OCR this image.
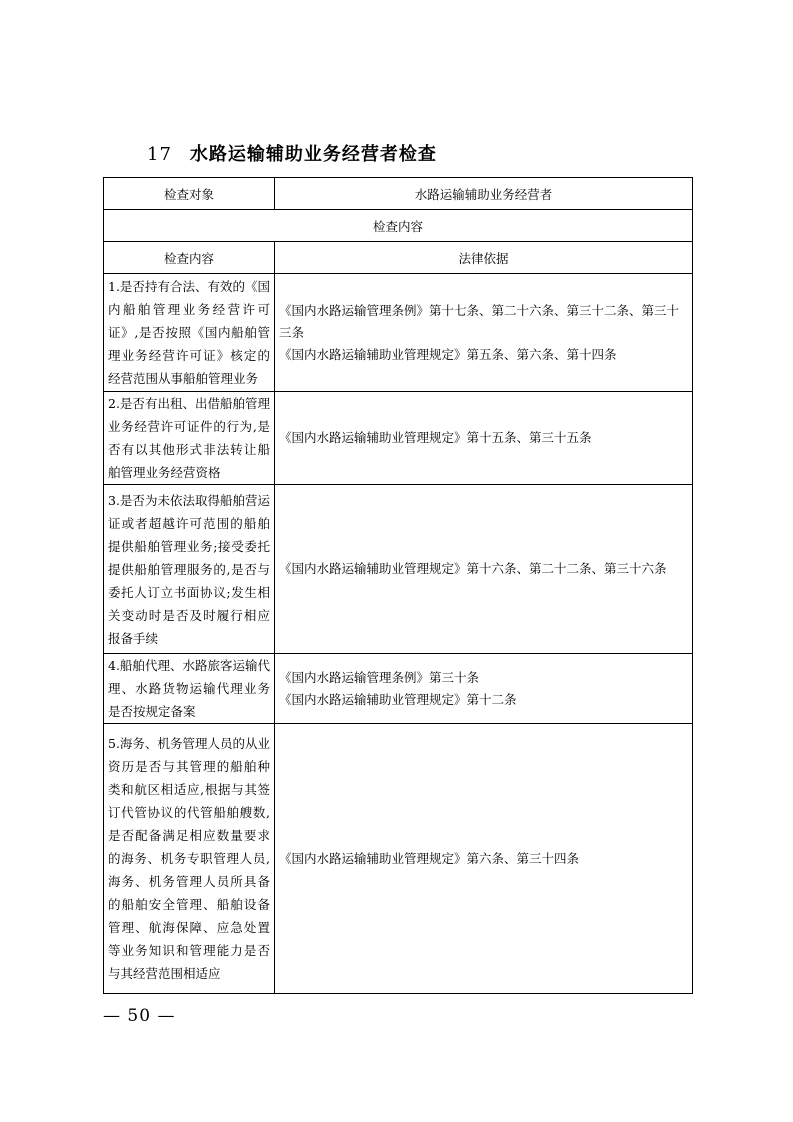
17 水路运输辅助业务经营者检查
检查对象	水路运输辅助业务经营者
检查内容	
检查内容	法律依据
1.是否持有合法、有效的《国内船舶管理业务经营许可证》,是否按照《国内船舶管理业务经营许可证》核定的经营范围从事船舶管理业务	《国内水路运输管理条例》第十七条、第二十六条、第三十二条、第三十三条
《国内水路运输辅助业管理规定》第五条、第六条、第十四条

2.是否有出租、出借船舶管理业务经营许可证件的行为,是否有以其他形式非法转让船舶管理业务经营资格	《国内水路运输辅助业管理规定》第十五条、第三十五条

3.是否为未依法取得船舶营运证或者超越许可范围的船舶提供船舶管理业务;接受委托提供船舶管理服务的,是否与委托人订立书面协议;发生相关变动时是否及时履行相应报备手续	《国内水路运输辅助业管理规定》第十六条、第二十二条、第三十六条

4.船舶代理、水路旅客运输代理、水路货物运输代理业务是否按规定备案	《国内水路运输管理条例》第三十条
《国内水路运输辅助业管理规定》第十二条

5.海务、机务管理人员的从业资历是否与其管理的船舶种类和航区相适应,根据与其签订代管协议的代管船舶艘数,是否配备满足相应数量要求的海务、机务专职管理人员,海务、机务管理人员所具备的船舶安全管理、船舶设备管理、航海保障、应急处置等业务知识和管理能力是否与其经营范围相适应	《国内水路运输辅助业管理规定》第六条、第三十四条
— 50 —
